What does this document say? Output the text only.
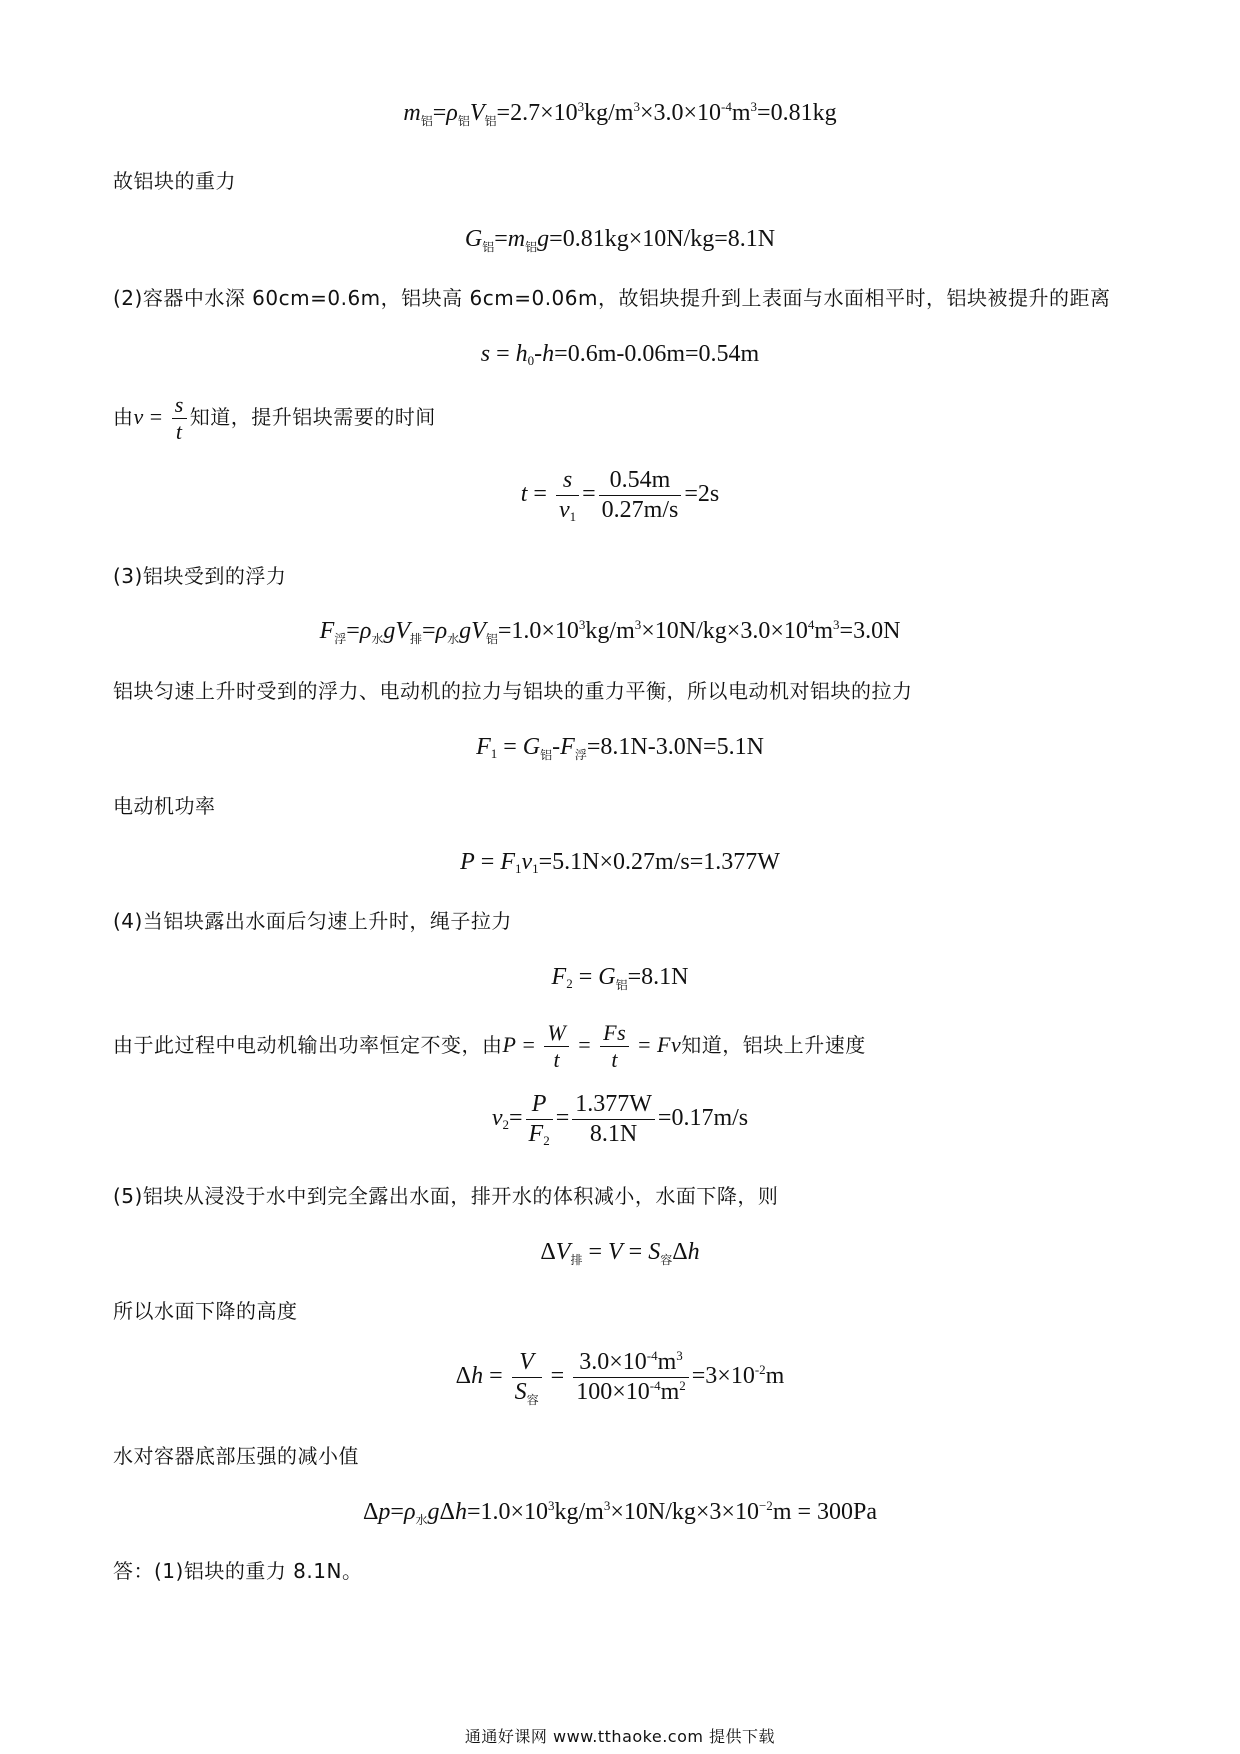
$m_铝=\rho_铝V_铝=2.7\times 10^3kg/m^3\times 3.0\times 10^{-4}m^3=0.81kg$
故铝块的重力
$G_铝=m_铝g=0.81kg\times 10N/kg=8.1N$
(2)容器中水深 60cm=0.6m，铝块高 6cm=0.06m，故铝块提升到上表面与水面相平时，铝块被提升的距离
$s = h_0-h=0.6m-0.06m=0.54m$
由$v = \frac{s}{t}$ 知道，提升铝块需要的时间
$t = \frac{s}{v_1} = \frac{0.54m}{0.27m/s} =2s$
(3)铝块受到的浮力
$F_浮=\rho_水gV_排=\rho_水gV_铝=1.0\times 10^3kg/m^3\times 10N/kg\times 3.0\times 10^4m^3=3.0N$
铝块匀速上升时受到的浮力、电动机的拉力与铝块的重力平衡，所以电动机对铝块的拉力
$F_1 = G_铝-F_浮=8.1N-3.0N=5.1N$
电动机功率
$P = F_1v_1=5.1N\times 0.27m/s=1.377W$
(4)当铝块露出水面后匀速上升时，绳子拉力
$F_2 = G_铝=8.1N$
由于此过程中电动机输出功率恒定不变，由$P = \frac{W}{t} = \frac{Fs}{t} = Fv$知道，铝块上升速度
$v_2= \frac{P}{F_2} = \frac{1.377W}{8.1N} =0.17m/s$
(5)铝块从浸没于水中到完全露出水面，排开水的体积减小，水面下降，则
$\Delta V_排 = V = S_容\Delta h$
所以水面下降的高度
$\Delta h = \frac{V}{S_容} = \frac{3.0\times 10^{-4}m^3}{100\times 10^{-4}m^2} =3\times 10^{-2}m$
水对容器底部压强的减小值
$\Delta p=\rho_水g\Delta h=1.0\times 10^3kg/m^3\times 10N/kg\times 3\times 10^{-2}m = 300Pa$
答：(1)铝块的重力 8.1N。
通通好课网 www.tthaoke.com 提供下载
